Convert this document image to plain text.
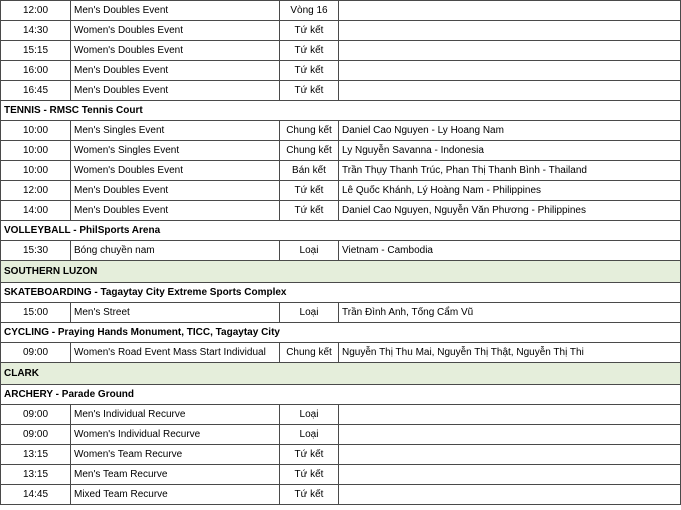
12:00	Men's Doubles Event	Vòng 16	
14:30	Women's Doubles Event	Tứ kết	
15:15	Women's Doubles Event	Tứ kết	
16:00	Men's Doubles Event	Tứ kết	
16:45	Men's Doubles Event	Tứ kết	
TENNIS - RMSC Tennis Court			
10:00	Men's Singles Event	Chung kết	Daniel Cao Nguyen - Ly Hoang Nam
10:00	Women's Singles Event	Chung kết	Ly Nguyễn Savanna - Indonesia
10:00	Women's Doubles Event	Bán kết	Trần Thụy Thanh Trúc, Phan Thị Thanh Bình - Thailand
12:00	Men's Doubles Event	Tứ kết	Lê Quốc Khánh, Lý Hoàng Nam - Philippines
14:00	Men's Doubles Event	Tứ kết	Daniel Cao Nguyen, Nguyễn Văn Phương - Philippines
VOLLEYBALL - PhilSports Arena			
15:30	Bóng chuyền nam	Loại	Vietnam - Cambodia
SOUTHERN LUZON			
SKATEBOARDING - Tagaytay City Extreme Sports Complex			
15:00	Men's Street	Loại	Trần Đình Anh, Tống Cẩm Vũ
CYCLING - Praying Hands Monument, TICC, Tagaytay City			
09:00	Women's Road Event Mass Start Individual	Chung kết	Nguyễn Thị Thu Mai, Nguyễn Thị Thật, Nguyễn Thị Thi
CLARK			
ARCHERY - Parade Ground			
09:00	Men's Individual Recurve	Loại	
09:00	Women's Individual Recurve	Loại	
13:15	Women's Team Recurve	Tứ kết	
13:15	Men's Team Recurve	Tứ kết	
14:45	Mixed Team Recurve	Tứ kết	
